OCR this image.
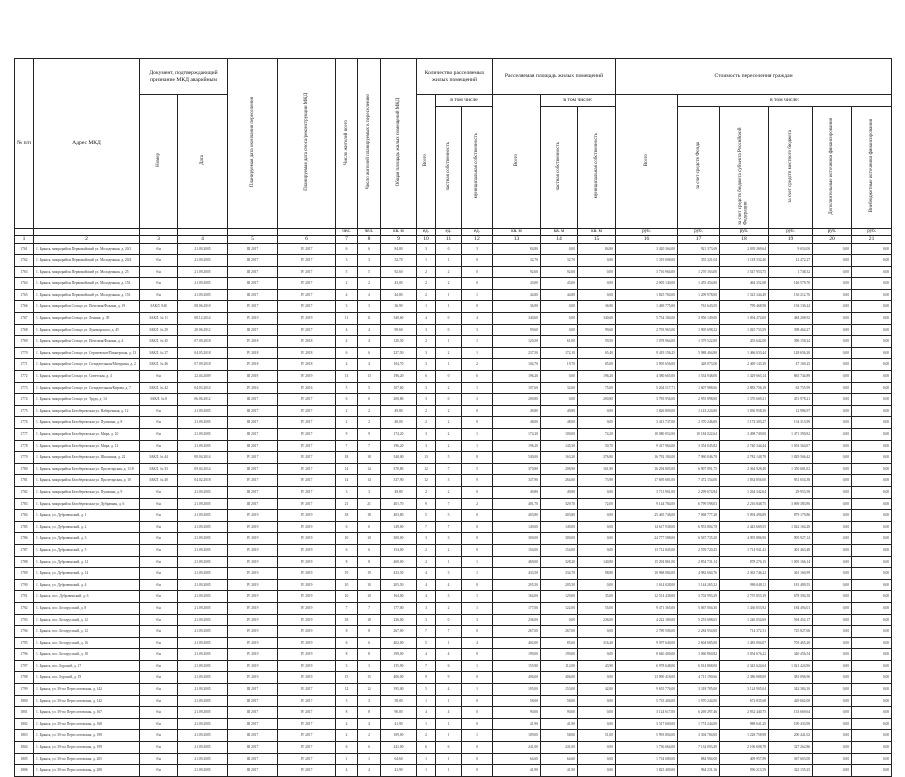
№ п/п	Адрес МКД	Документ, подтверждающий признание МКД аварийным		Планируемая дата окончания переселения	Планируемая дата сноса/реконструкции МКД	Число жителей всего	Число жителей планируемых к переселению	Общая площадь жилых помещений МКД	Количество расселяемых жилых помещений			Расселяемая площадь жилых помещений			Стоимость переселения граждан					
		Номер	Дата						Всего	в том числе		Всего	в том числе:		Всего	в том числе:				
										частная собственность	муниципальная собственность		частная собственность	муниципальная собственность		за счет средств Фонда	за счет средств бюджета субъекта Российской Федерации	за счет средств местного бюджета	Дополнительные источники финансирования	Внебюджетные источники финансирования
						чел.	чел.	кв. м	ед.	ед.	ед.	кв. м	кв. м	кв. м	руб.	руб.	руб.	руб.	руб.	руб.
1	2	3	4	5	6	7	8	9	10	11	12	13	14	15	16	17	18	19	20	21
1761	1. Брянск, микрорайон Первомайский ул. Молодежная, д. 20/1	б/н	21.09.2005	III 2017	IV 2017	6	6	84,80	3	0	3	84,80	0,00	84,80	3 420 364,00	921 373,69	2 039 269,64	9 654,00	0,00	0,00
1762	1. Брянск, микрорайон Первомайский ул. Молодежная, д. 20/4	б/н	21.09.2005	III 2017	IV 2017	3	3	32,70	1	1	0	32,70	32,70	0,00	1 319 008,00	355 321,04	1 118 332,40	12 472,27	0,00	0,00
1763	1. Брянск, микрорайон Первомайский ул. Молодежная, д. 25	б/н	21.09.2005	III 2017	IV 2017	5	5	92,60	2	2	0	92,60	92,60	0,00	3 716 964,00	1 270 163,00	1 547 953,75	1 748,32	0,00	0,00
1764	1. Брянск, микрорайон Первомайский ул. Молодежная, д. 153	б/н	21.09.2005	III 2017	IV 2017	2	2	43,00	2	2	0	43,00	43,00	0,00	2 005 140,00	1 455 454,00	464 352,68	146 579,70	0,00	0,00
1765	1. Брянск, микрорайон Первомайский ул. Молодежная, д. 153	б/н	21.09.2005	III 2017	IV 2017	4	4	44,80	2	1	1	44,80	44,80	0,00	1 825 784,00	1 209 978,00	1 323 344,49	136 212,76	0,00	0,00
1766	1. Брянск, микрорайон Сельцо ул. Почтовая/Фокина, д. 19	ЗАКЛ. 940	08.06.2010	IV 2017	IV 2017	3	3	36,90	1	1	0	36,90	0,00	36,90	1 469 775,00	761 643,05	799 468,90	194 136,24	0,00	0,00
1767	1. Брянск, микрорайон Сельцо ул. Ленина, д. 39	ЗАКЛ. № 11	08.12.2014	IV 2019	IV 2019	11	11	340,60	4	0	4	340,60	0,00	340,60	5 754 184,00	3 956 149,00	1 094 474,00	484 208,92	0,00	0,00
1768	1. Брянск, микрорайон Сельцо ул. Луначарского, д. 45	ЗАКЛ. № 29	20.06.2012	III 2017	IV 2017	4	4	99,60	3	0	3	99,60	0,00	99,60	2 793 963,00	1 905 698,22	1 025 733,59	398 464,27	0,00	0,00
1769	1. Брянск, микрорайон Сельцо ул. Почтовая/Фокина, д. 4	ЗАКЛ. № 45	07.09.2018	IV 2018	IV 2018	4	4	120,50	2	1	1	120,50	61,00	59,50	1 078 964,00	1 379 522,00	453 642,00	396 158,24	0,00	0,00
1770	1. Брянск, микрорайон Сельцо ул. Сергиевское/Пионерская, д. 13	ЗАКЛ. № 37	04.05.2018	IV 2018	IV 2018	6	6	237,50	3	2	1	237,50	172,10	65,40	9 419 156,25	5 988 464,80	1 466 033,44	128 656,20	0,00	0,00
1771	1. Брянск, микрорайон Сельцо ул. Созидательная/Мичурина, д. 2	ЗАКЛ. № 46	07.09.2018	IV 2018	IV 2018	4	4	104,70	3	1	2	104,70	19,70	85,00	3 905 656,00	428 073,00	2 469 143,30	47 169,25	0,00	0,00
1772	1. Брянск, микрорайон Сельцо ул. Советская, д. 4	б/н	22.04.2009	III 2019	IV 2019	13	13	196,20	6	0	6	196,20	0,00	196,20	4 380 665,00	1 534 948,00	1 429 663,14	865 744,89	0,00	0,00
1773	1. Брянск, микрорайон Сельцо ул. Созидательная/Кирова, д. 7	ЗАКЛ. № 42	04.03.2014	IV 2016	IV 2016	5	5	107,60	3	2	1	107,60	32,60	75,00	5 204 517,71	1 607 988,66	2 883 756,18	63 755,99	0,00	0,00
1774	1. Брянск, микрорайон Сельцо ул. Труда, д. 14	ЗАКЛ. № 8	06.06.2012	III 2017	IV 2017	6	6	200,80	3	0	3	200,80	0,00	200,80	3 783 956,00	2 955 898,00	1 376 669,21	451 978,21	0,00	0,00
1775	1. Брянск, микрорайон Белобережская ул. Набережная, д. 12	б/н	21.09.2005	III 2017	IV 2017	2	2	49,80	2	2	0	49,80	49,80	0,00	1 826 800,00	1 143 224,00	1 036 958,30	12 986,97	0,00	0,00
1776	1. Брянск, микрорайон Белобережская ул. Пушкина, д. 8	б/н	21.09.2005	III 2017	IV 2017	2	2	48,00	2	2	0	48,00	48,00	0,00	3 413 737,00	2 370 246,00	1 172 303,27	134 313,99	0,00	0,00
1777	1. Брянск, микрорайон Белобережская ул. Мира, д. 10	б/н	21.09.2005	III 2017	IV 2017	9	9	174,20	3	2	1	174,20	100,00	74,20	18 080 052,00	10 184 022,64	3 498 749,00	1 471 390,92	0,00	0,00
1778	1. Брянск, микрорайон Белобережская ул. Мира, д. 12	б/н	21.09.2005	III 2017	IV 2017	7	7	196,20	3	2	1	196,20	145,50	50,70	9 417 964,00	3 354 045,82	2 740 344,44	1 054 364,07	0,00	0,00
1779	1. Брянск, микрорайон Белобережская ул. Школьная, д. 22	ЗАКЛ. № 44	08.04.2014	IV 2017	IV 2017	18	18	540,00	13	5	8	540,00	163,20	376,80	16 792 184,00	7 960 046,78	2 782 148,78	1 829 566,42	0,00	0,00
1780	1. Брянск, микрорайон Белобережская ул. Пролетарская, д. 1/18	ЗАКЛ. № 33	09.04.2014	III 2017	IV 2017	14	14	370,80	12	7	5	370,80	208,90	161,90	16 294 805,00	6 907 091,75	2 364 928,48	1 350 681,02	0,00	0,00
1781	1. Брянск, микрорайон Белобережская ул. Пролетарская, д. 10	ЗАКЛ. № 40	04.02.2018	IV 2017	IV 2017	14	14	337,90	12	3	9	337,90	264,00	73,90	17 695 681,00	7 472 154,00	1 834 856,00	951 654,38	0,00	0,00
1782	1. Брянск, микрорайон Белобережская ул. Пушкина, д. 9	б/н	21.09.2005	III 2017	IV 2017	3	3	49,80	2	2	0	49,80	49,80	0,00	3 713 961,00	2 299 674,94	1 264 342,64	29 953,58	0,00	0,00
1783	1. Брянск, микрорайон Белобережская ул. Дубравная, д. 6	б/н	21.09.2005	III 2017	IV 2017	21	21	401,70	9	7	2	401,70	329,70	72,00	9 144 784,00	6 799 598,03	2 216 848,75	3 069 383,96	0,00	0,00
1784	1. Брянск, ул. Дубравенский, д. 1	б/н	21.09.2005	IV 2019	IV 2019	18	18	403,80	5	5	0	403,80	403,80	0,00	25 465 746,00	7 068 777,28	5 094 496,89	879 179,86	0,00	0,00
1785	1. Брянск, ул. Дубравенский, д. 2	б/н	21.09.2005	IV 2019	IV 2019	6	6	149,00	7	7	0	149,00	149,00	0,00	14 617 938,00	6 953 804,78	2 443 669,55	1 022 164,28	0,00	0,00
1786	1. Брянск, ул. Дубравенский, д. 3	б/н	21.09.2005	IV 2019	IV 2019	10	10	300,00	3	3	0	300,00	300,00	0,00	24 777 588,00	6 567 735,20	4 093 886,90	905 927,14	0,00	0,00
1787	1. Брянск, ул. Дубравенский, д. 5	б/н	21.09.2005	IV 2019	IV 2019	6	6	154,00	2	2	0	154,00	154,00	0,00	13 712 845,00	2 559 720,45	1 714 941,43	401 463,48	0,00	0,00
1788	1. Брянск, ул. Дубравенский, д. 12	б/н	21.09.2005	IV 2019	IV 2019	8	8	469,00	2	1	1	469,00	328,20	140,80	15 294 861,00	2 854 731,14	878 276,15	1 005 166,14	0,00	0,00
1789	1. Брянск, ул. Дубравенский, д. 14	б/н	21.09.2005	IV 2019	IV 2019	19	19	433,50	4	3	1	433,50	334,70	98,80	10 968 084,00	4 982 604,76	2 363 746,22	361 160,99	0,00	0,00
1790	1. Брянск, ул. Дубравенский, д. 4	б/н	21.09.2005	IV 2019	IV 2019	10	10	205,50	4	4	0	205,50	205,50	0,00	1 614 028,00	1 144 265,32	986 048,11	181 489,55	0,00	0,00
1791	1. Брянск, пос. Дубравенский, д. 6	б/н	21.09.2005	IV 2019	IV 2019	10	10	164,00	4	3	1	164,00	129,00	35,00	12 514 438,00	3 702 993,29	2 755 853,19	678 394,30	0,00	0,00
1792	1. Брянск, пос. Белорусский, д. 8	б/н	21.09.2005	IV 2019	IV 2019	7	7	177,00	3	2	1	177,00	122,00	55,00	9 471 365,00	5 067 004,30	1 436 053,92	184 494,01	0,00	0,00
1793	1. Брянск, пос. Белорусский, д. 12	б/н	21.09.2005	IV 2019	IV 2019	18	18	236,00	3	0	3	236,00	0,00	236,00	4 222 180,00	5 253 688,65	1 246 054,69	594 452,17	0,00	0,00
1794	1. Брянск, пос. Белорусский, д. 12	б/н	21.09.2005	IV 2019	IV 2019	8	8	267,00	7	7	0	267,00	267,00	0,00	2 789 506,00	2 284 954,00	714 372,31	725 827,66	0,00	0,00
1795	1. Брянск, пос. Белорусский, д. 16	б/н	21.09.2005	IV 2019	IV 2019	6	6	402,00	5	1	4	402,00	85,60	316,40	9 597 640,00	2 604 685,00	1 483 004,07	703 465,20	0,00	0,00
1796	1. Брянск, пос. Белорусский, д. 18	б/н	21.09.2005	IV 2019	IV 2019	8	8	199,00	4	4	0	199,00	199,00	0,00	8 640 400,00	3 060 860,82	3 054 676,22	340 456,54	0,00	0,00
1797	1. Брянск, пос. Бурский, д. 17	б/н	21.09.2005	IV 2019	IV 2019	3	3	155,90	7	6	1	155,90	112,00	43,90	6 978 648,00	6 014 868,00	2 343 624,64	1 021 424,96	0,00	0,00
1798	1. Брянск, пос. Бурский, д. 19	б/н	21.09.2005	IV 2019	IV 2019	15	15	406,00	9	9	0	406,00	406,00	0,00	13 990 418,00	4 711 190,66	2 386 088,00	381 096,96	0,00	0,00
1799	1. Брянск, ул. 50-по Переслотовская, д. 142	б/н	21.09.2005	III 2017	IV 2017	12	12	195,00	5	4	1	195,00	153,00	42,00	9 655 776,00	3 318 785,00	3 124 905,04	342 384,10	0,00	0,00
1800	1. Брянск, ул. 50-по Переслотовская, д. 142	б/н	21.09.2005	III 2017	IV 2017	3	3	58,00	1	1	0	58,00	58,00	0,00	5 733 404,00	1 970 244,00	672 835,68	429 662,00	0,00	0,00
1801	1. Брянск, ул. 50-по Переслотовская, д. 167	б/н	21.09.2005	III 2017	IV 2017	8	8	90,00	4	4	0	90,00	90,00	0,00	3 124 617,00	6 269 297,46	2 932 440,75	133 669,64	0,00	0,00
1802	1. Брянск, ул. 50-по Переслотовская, д. 168	б/н	21.09.2005	III 2017	IV 2017	4	4	41,90	1	1	0	41,90	41,90	0,00	3 317 600,00	1 774 244,00	988 641,25	190 433,90	0,00	0,00
1803	1. Брянск, ул. 50-по Переслотовская, д. 198	б/н	21.09.2005	III 2017	IV 2017	2	2	109,00	2	1	1	109,00	58,00	51,00	5 993 804,00	3 304 784,00	1 228 758,98	200 441,02	0,00	0,00
1804	1. Брянск, ул. 50-по Переслотовская, д. 199	б/н	21.09.2005	III 2017	IV 2017	6	6	241,00	6	6	0	241,00	241,00	0,00	1 736 664,00	7 134 003,49	2 106 608,78	327 262,86	0,00	0,00
1805	1. Брянск, ул. 50-по Переслотовская, д. 205	б/н	21.09.2005	III 2017	IV 2017	1	1	64,60	1	1	0	64,60	64,60	0,00	1 734 680,00	884 904,00	409 957,89	367 603,00	0,00	0,00
1806	1. Брянск, ул. 50-по Переслотовская, д. 208	б/н	21.09.2005	III 2017	IV 2017	4	4	41,90	1	1	0	41,90	41,90	0,00	1 823 400,00	964 231,16	596 213,59	322 155,25	0,00	0,00
